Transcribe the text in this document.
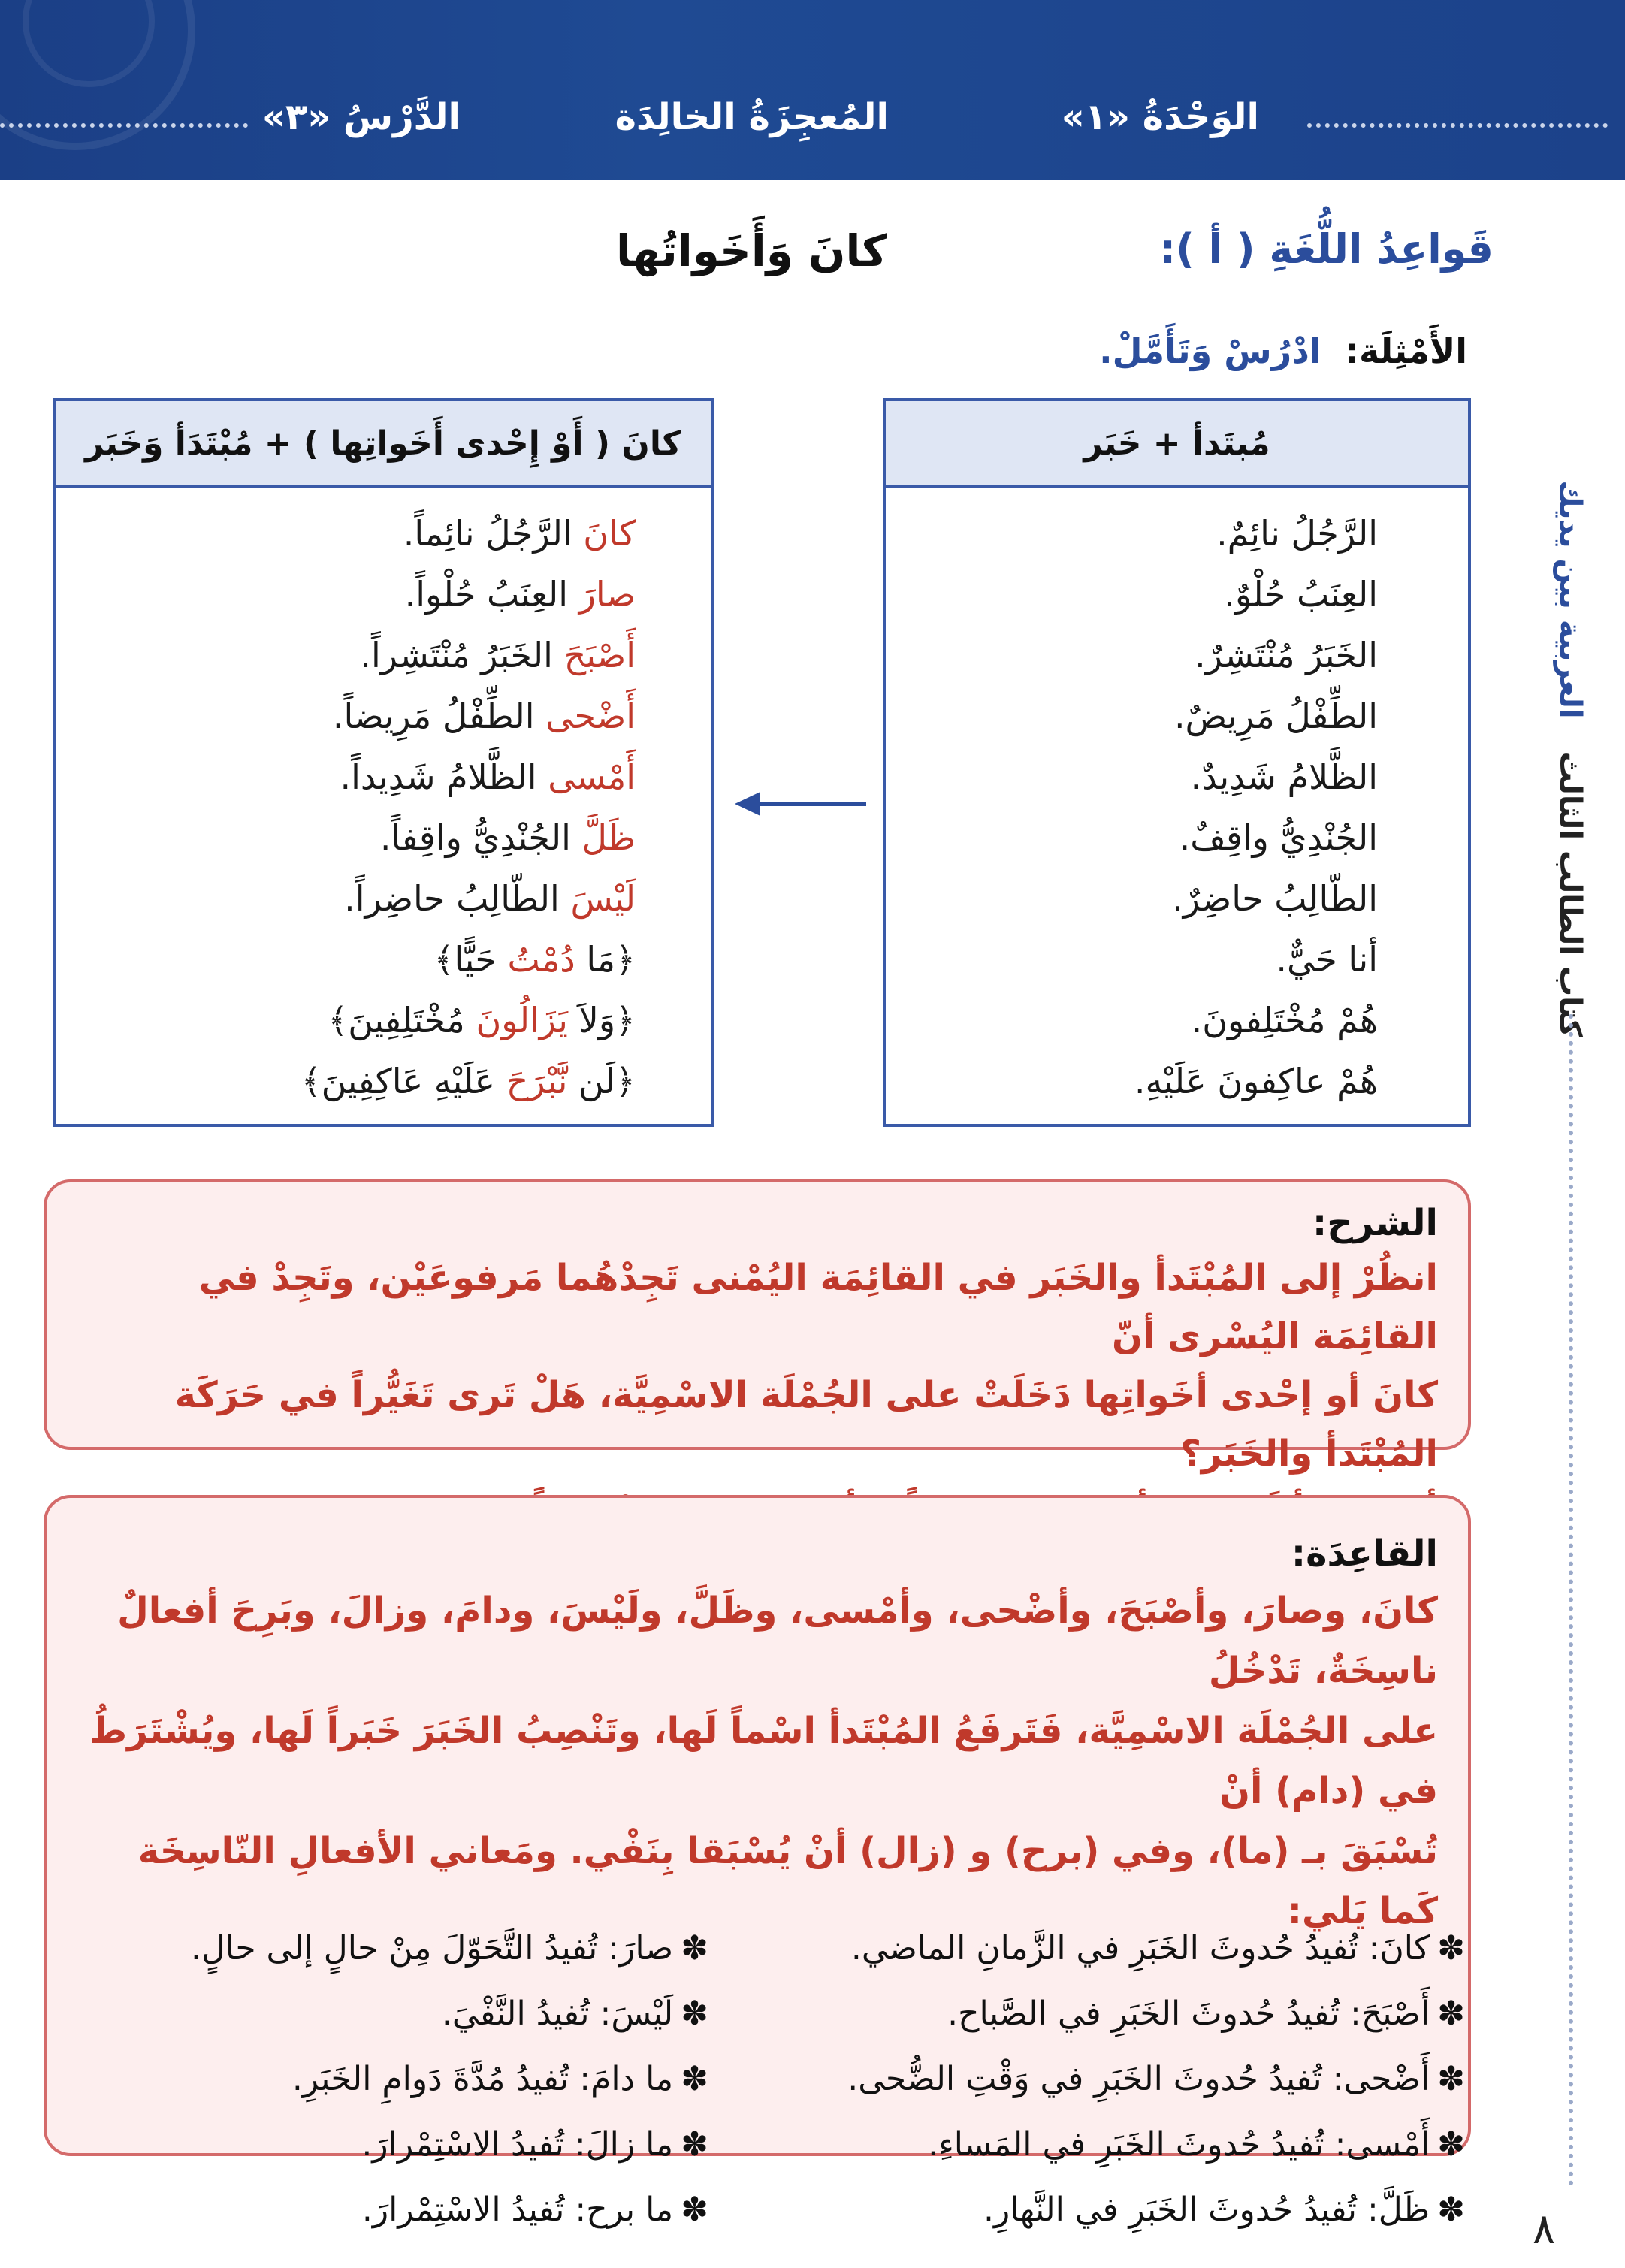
الوَحْدَةُ «١»
المُعجِزَةُ الخالِدَة
الدَّرْسُ «٣»
كتاب الطالب الثالث العربية بين يديك
قَواعِدُ اللُّغَةِ ( أ ):
كانَ وَأَخَواتُها
الأَمْثِلَة: ادْرُسْ وَتَأَمَّلْ.
مُبتَدأ + خَبَر
الرَّجُلُ نائِمٌ.
العِنَبُ حُلْوٌ.
الخَبَرُ مُنْتَشِرٌ.
الطِّفْلُ مَرِيضٌ.
الظَّلامُ شَدِيدٌ.
الجُنْدِيُّ واقِفٌ.
الطّالِبُ حاضِرٌ.
أنا حَيٌّ.
هُمْ مُخْتَلِفونَ.
هُمْ عاكِفونَ عَلَيْهِ.
كانَ ( أَوْ إِحْدى أَخَواتِها ) + مُبْتَدَأ وَخَبَر
كانَ الرَّجُلُ نائِماً.
صارَ العِنَبُ حُلْواً.
أَصْبَحَ الخَبَرُ مُنْتَشِراً.
أَضْحى الطِّفْلُ مَرِيضاً.
أَمْسى الظَّلامُ شَدِيداً.
ظَلَّ الجُنْدِيُّ واقِفاً.
لَيْسَ الطّالِبُ حاضِراً.
﴿مَا دُمْتُ حَيًّا﴾
﴿وَلاَ يَزَالُونَ مُخْتَلِفِينَ﴾
﴿لَن نَّبْرَحَ عَلَيْهِ عَاكِفِينَ﴾

الشرح:

انظُرْ إلى المُبْتَدأ والخَبَر في القائِمَة اليُمْنى تَجِدْهُما مَرفوعَيْن، وتَجِدْ في القائِمَة اليُسْرى أنّ

كانَ أو إحْدى أخَواتِها دَخَلَتْ على الجُمْلَة الاسْمِيَّة، هَلْ تَرى تَغَيُّراً في حَرَكَة المُبْتَدأ والخَبَر؟

القاعِدَة:

كانَ، وصارَ، وأصْبَحَ، وأضْحى، وأمْسى، وظَلَّ، ولَيْسَ، ودامَ، وزالَ، وبَرِحَ أفعالٌ ناسِخَةٌ، تَدْخُلُ

على الجُمْلَة الاسْمِيَّة، فَتَرفَعُ المُبْتَدأ اسْماً لَها، وتَنْصِبُ الخَبَرَ خَبَراً لَها، ويُشْتَرَطُ في (دام) أنْ

تُسْبَقَ بـ (ما)، وفي (برح) و (زال) أنْ يُسْبَقا بِنَفْي. ومَعاني الأفعالِ النّاسِخَة كَما يَلي:

✽كانَ: تُفيدُ حُدوثَ الخَبَرِ في الزَّمانِ الماضي.
✽أَصْبَحَ: تُفيدُ حُدوثَ الخَبَرِ في الصَّباح.
✽أَضْحى: تُفيدُ حُدوثَ الخَبَرِ في وَقْتِ الضُّحى.
✽أَمْسى: تُفيدُ حُدوثَ الخَبَرِ في المَساءِ.
✽ظَلَّ: تُفيدُ حُدوثَ الخَبَرِ في النَّهارِ.
✽صارَ: تُفيدُ التَّحَوّلَ مِنْ حالٍ إلى حالٍ.
✽لَيْسَ: تُفيدُ النَّفْيَ.
✽ما دامَ: تُفيدُ مُدَّةَ دَوامِ الخَبَرِ.
✽ما زالَ: تُفيدُ الاسْتِمْرارَ.
✽ما برح: تُفيدُ الاسْتِمْرارَ.	٨
